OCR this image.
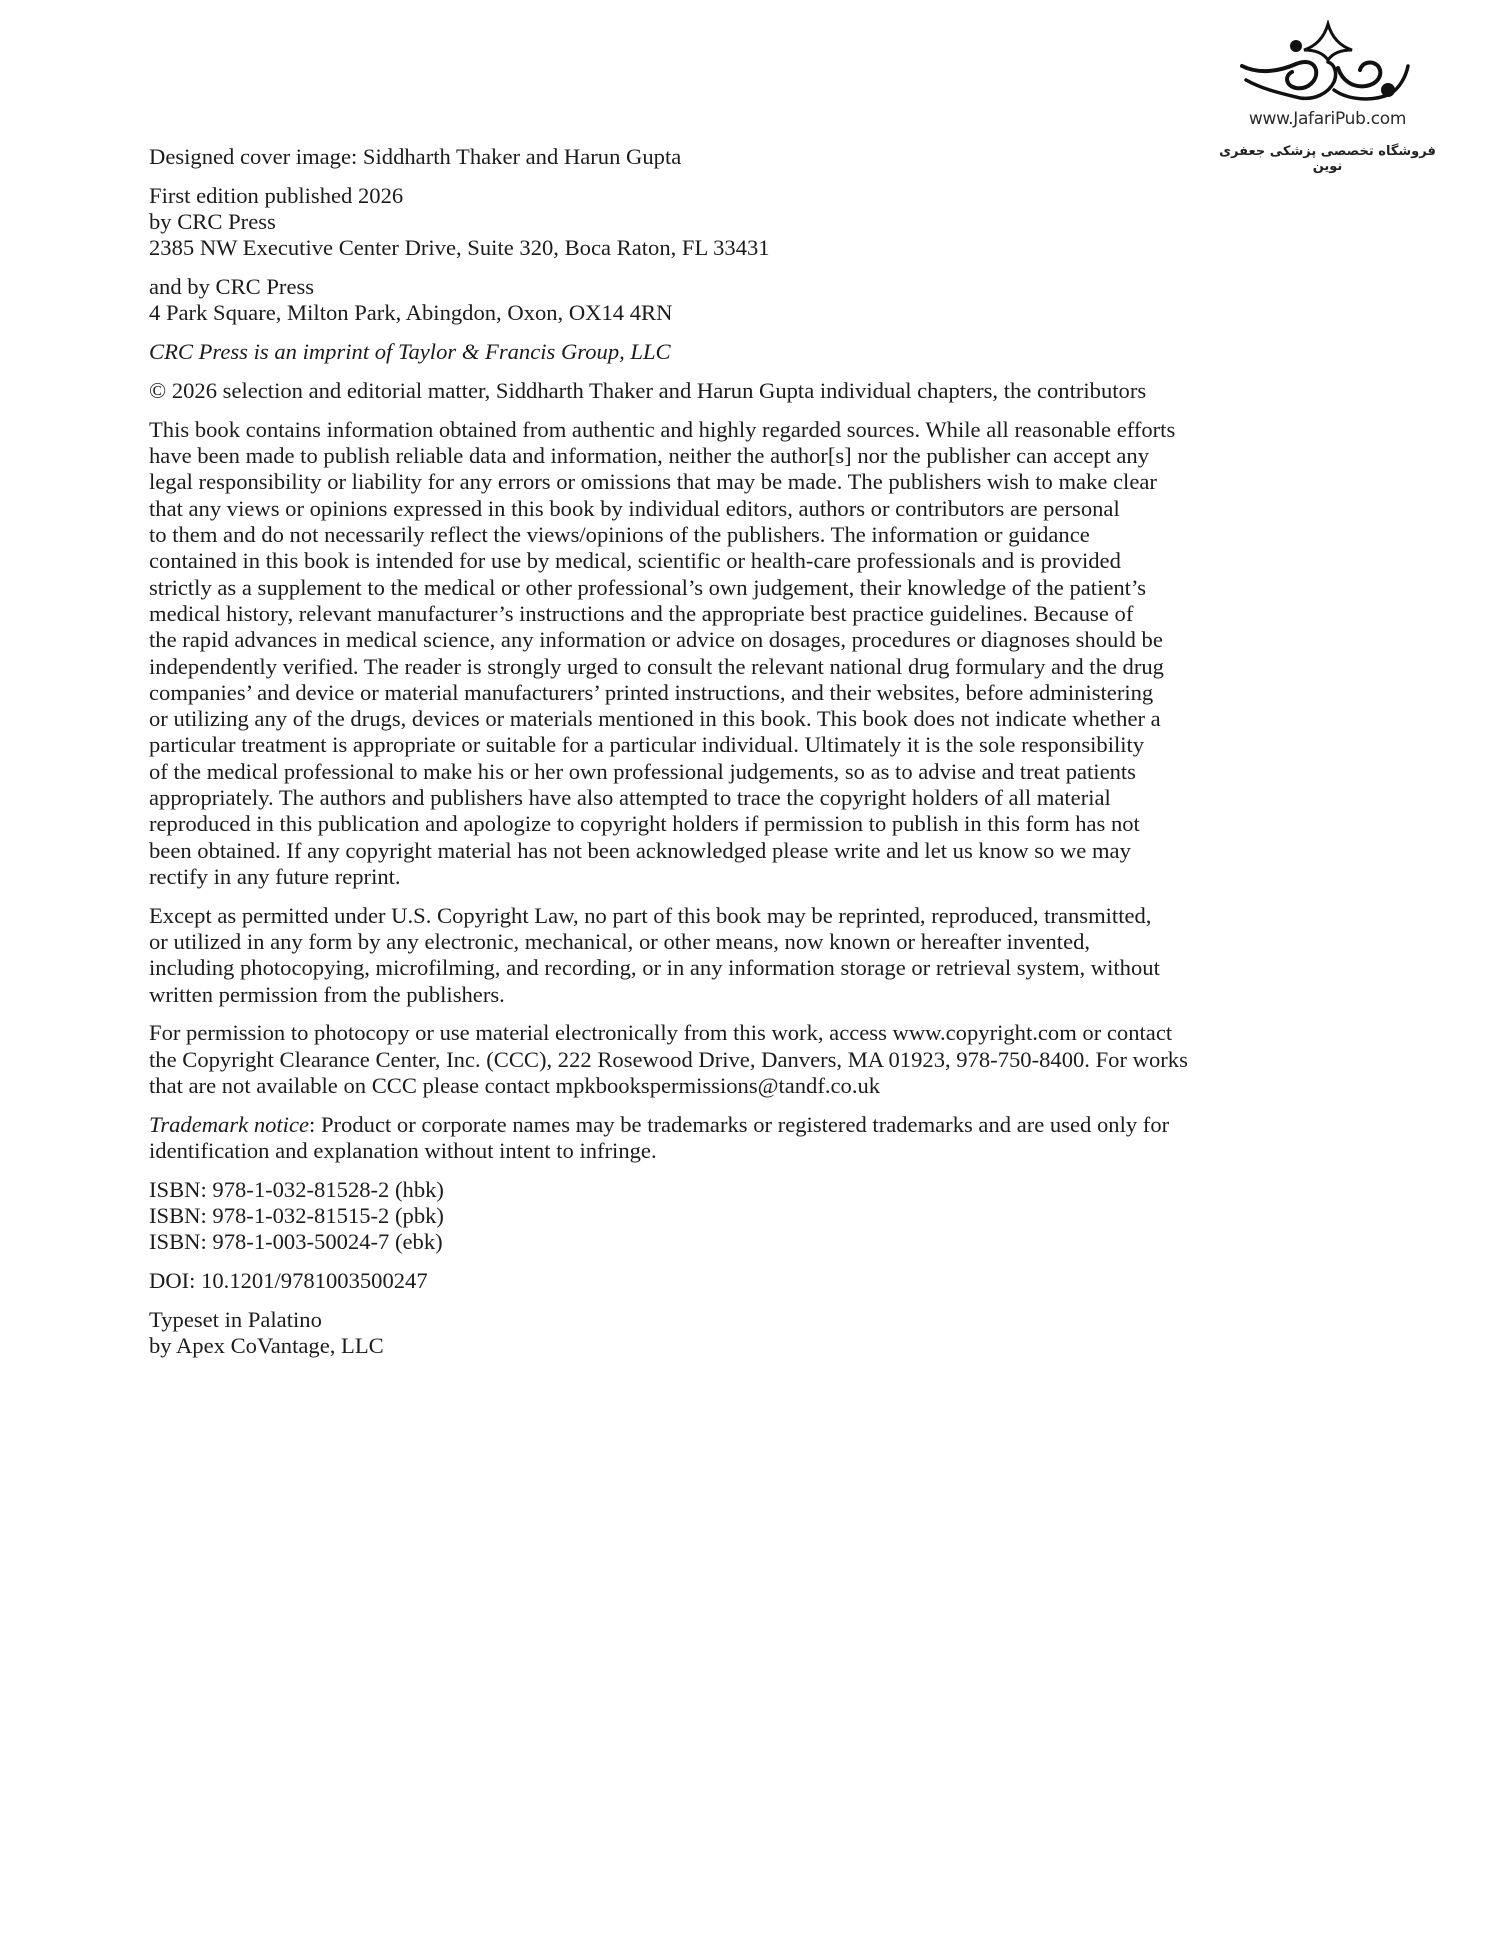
www.JafariPub.com
فروشگاه تخصصی پزشکی جعفری نوین

Designed cover image: Siddharth Thaker and Harun Gupta

First edition published 2026
by CRC Press
2385 NW Executive Center Drive, Suite 320, Boca Raton, FL 33431

and by CRC Press
4 Park Square, Milton Park, Abingdon, Oxon, OX14 4RN

CRC Press is an imprint of Taylor & Francis Group, LLC

© 2026 selection and editorial matter, Siddharth Thaker and Harun Gupta individual chapters, the contributors

This book contains information obtained from authentic and highly regarded sources. While all reasonable efforts
have been made to publish reliable data and information, neither the author[s] nor the publisher can accept any
legal responsibility or liability for any errors or omissions that may be made. The publishers wish to make clear
that any views or opinions expressed in this book by individual editors, authors or contributors are personal
to them and do not necessarily reflect the views/opinions of the publishers. The information or guidance
contained in this book is intended for use by medical, scientific or health-care professionals and is provided
strictly as a supplement to the medical or other professional’s own judgement, their knowledge of the patient’s
medical history, relevant manufacturer’s instructions and the appropriate best practice guidelines. Because of
the rapid advances in medical science, any information or advice on dosages, procedures or diagnoses should be
independently verified. The reader is strongly urged to consult the relevant national drug formulary and the drug
companies’ and device or material manufacturers’ printed instructions, and their websites, before administering
or utilizing any of the drugs, devices or materials mentioned in this book. This book does not indicate whether a
particular treatment is appropriate or suitable for a particular individual. Ultimately it is the sole responsibility
of the medical professional to make his or her own professional judgements, so as to advise and treat patients
appropriately. The authors and publishers have also attempted to trace the copyright holders of all material
reproduced in this publication and apologize to copyright holders if permission to publish in this form has not
been obtained. If any copyright material has not been acknowledged please write and let us know so we may
rectify in any future reprint.

Except as permitted under U.S. Copyright Law, no part of this book may be reprinted, reproduced, transmitted,
or utilized in any form by any electronic, mechanical, or other means, now known or hereafter invented,
including photocopying, microfilming, and recording, or in any information storage or retrieval system, without
written permission from the publishers.

For permission to photocopy or use material electronically from this work, access www.copyright.com or contact
the Copyright Clearance Center, Inc. (CCC), 222 Rosewood Drive, Danvers, MA 01923, 978-750-8400. For works
that are not available on CCC please contact mpkbookspermissions@tandf.co.uk

Trademark notice: Product or corporate names may be trademarks or registered trademarks and are used only for
identification and explanation without intent to infringe.

ISBN: 978-1-032-81528-2 (hbk)
ISBN: 978-1-032-81515-2 (pbk)
ISBN: 978-1-003-50024-7 (ebk)

DOI: 10.1201/9781003500247

Typeset in Palatino
by Apex CoVantage, LLC
